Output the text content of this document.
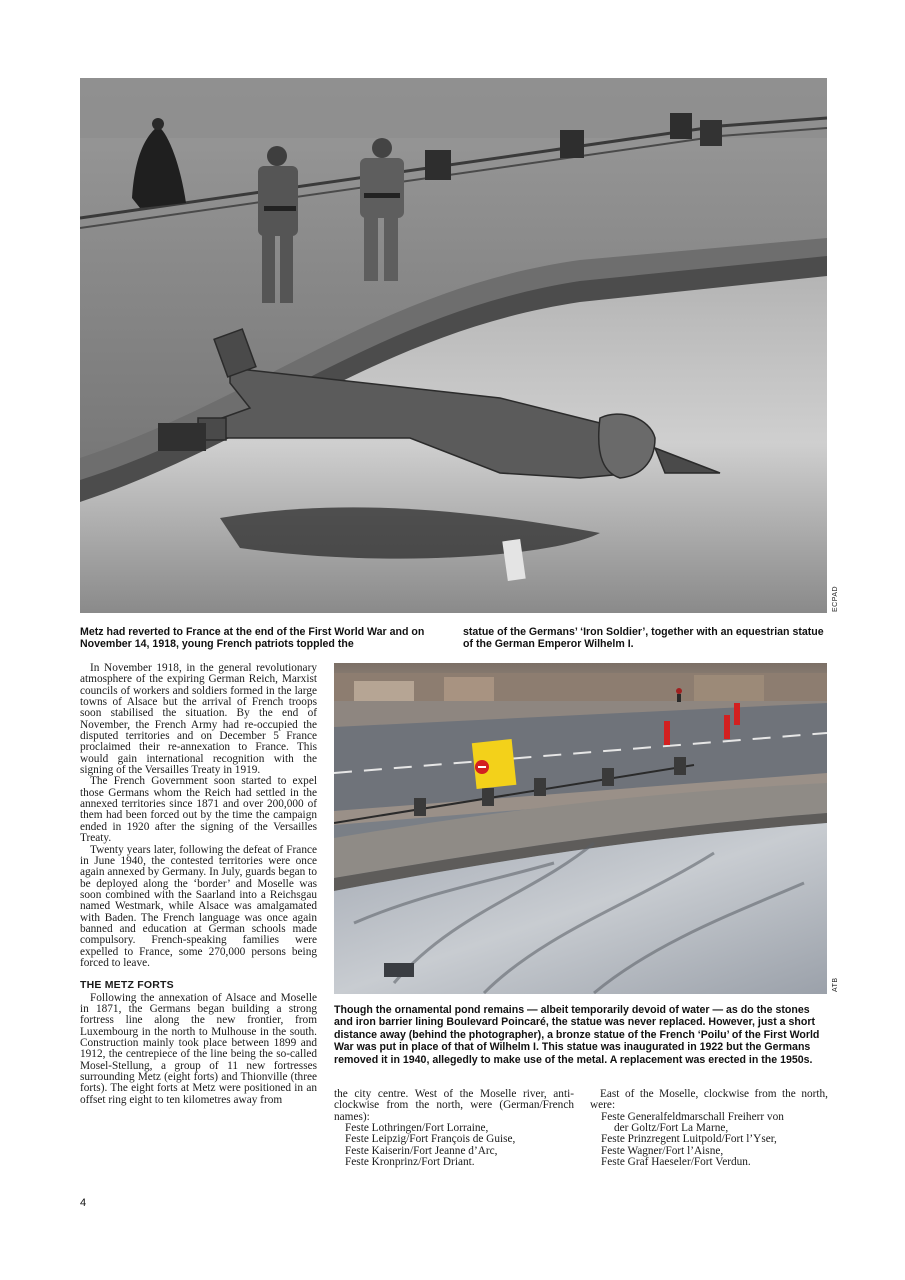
ECPAD
Metz had reverted to France at the end of the First World War and on November 14, 1918, young French patriots toppled the
statue of the Germans’ ‘Iron Soldier’, together with an equestrian statue of the German Emperor Wilhelm I.

In November 1918, in the general revolutionary atmosphere of the expiring German Reich, Marxist councils of workers and soldiers formed in the large towns of Alsace but the arrival of French troops soon stabilised the situation. By the end of November, the French Army had re-occupied the disputed territories and on December 5 France proclaimed their re-annexation to France. This would gain international recognition with the signing of the Versailles Treaty in 1919.

The French Government soon started to expel those Germans whom the Reich had settled in the annexed territories since 1871 and over 200,000 of them had been forced out by the time the campaign ended in 1920 after the signing of the Versailles Treaty.

Twenty years later, following the defeat of France in June 1940, the contested territories were once again annexed by Germany. In July, guards began to be deployed along the ‘border’ and Moselle was soon combined with the Saarland into a Reichsgau named Westmark, while Alsace was amalgamated with Baden. The French language was once again banned and education at German schools made compulsory. French-speaking families were expelled to France, some 270,000 persons being forced to leave.

THE METZ FORTS

Following the annexation of Alsace and Moselle in 1871, the Germans began building a strong fortress line along the new frontier, from Luxembourg in the north to Mulhouse in the south. Construction mainly took place between 1899 and 1912, the centrepiece of the line being the so-called Mosel-Stellung, a group of 11 new fortresses surrounding Metz (eight forts) and Thionville (three forts). The eight forts at Metz were positioned in an offset ring eight to ten kilometres away from

ATB
Though the ornamental pond remains — albeit temporarily devoid of water — as do the stones and iron barrier lining Boulevard Poincaré, the statue was never replaced. However, just a short distance away (behind the photographer), a bronze statue of the French ‘Poilu’ of the First World War was put in place of that of Wilhelm I. This statue was inaugurated in 1922 but the Germans removed it in 1940, allegedly to make use of the metal. A replacement was erected in the 1950s.

the city centre. West of the Moselle river, anti-clockwise from the north, were (German/French names):

Feste Lothringen/Fort Lorraine,

Feste Leipzig/Fort François de Guise,

Feste Kaiserin/Fort Jeanne d’Arc,

Feste Kronprinz/Fort Driant.

East of the Moselle, clockwise from the north, were:

Feste Generalfeldmarschall Freiherr von

der Goltz/Fort La Marne,

Feste Prinzregent Luitpold/Fort l’Yser,

Feste Wagner/Fort l’Aisne,

Feste Graf Haeseler/Fort Verdun.

4
